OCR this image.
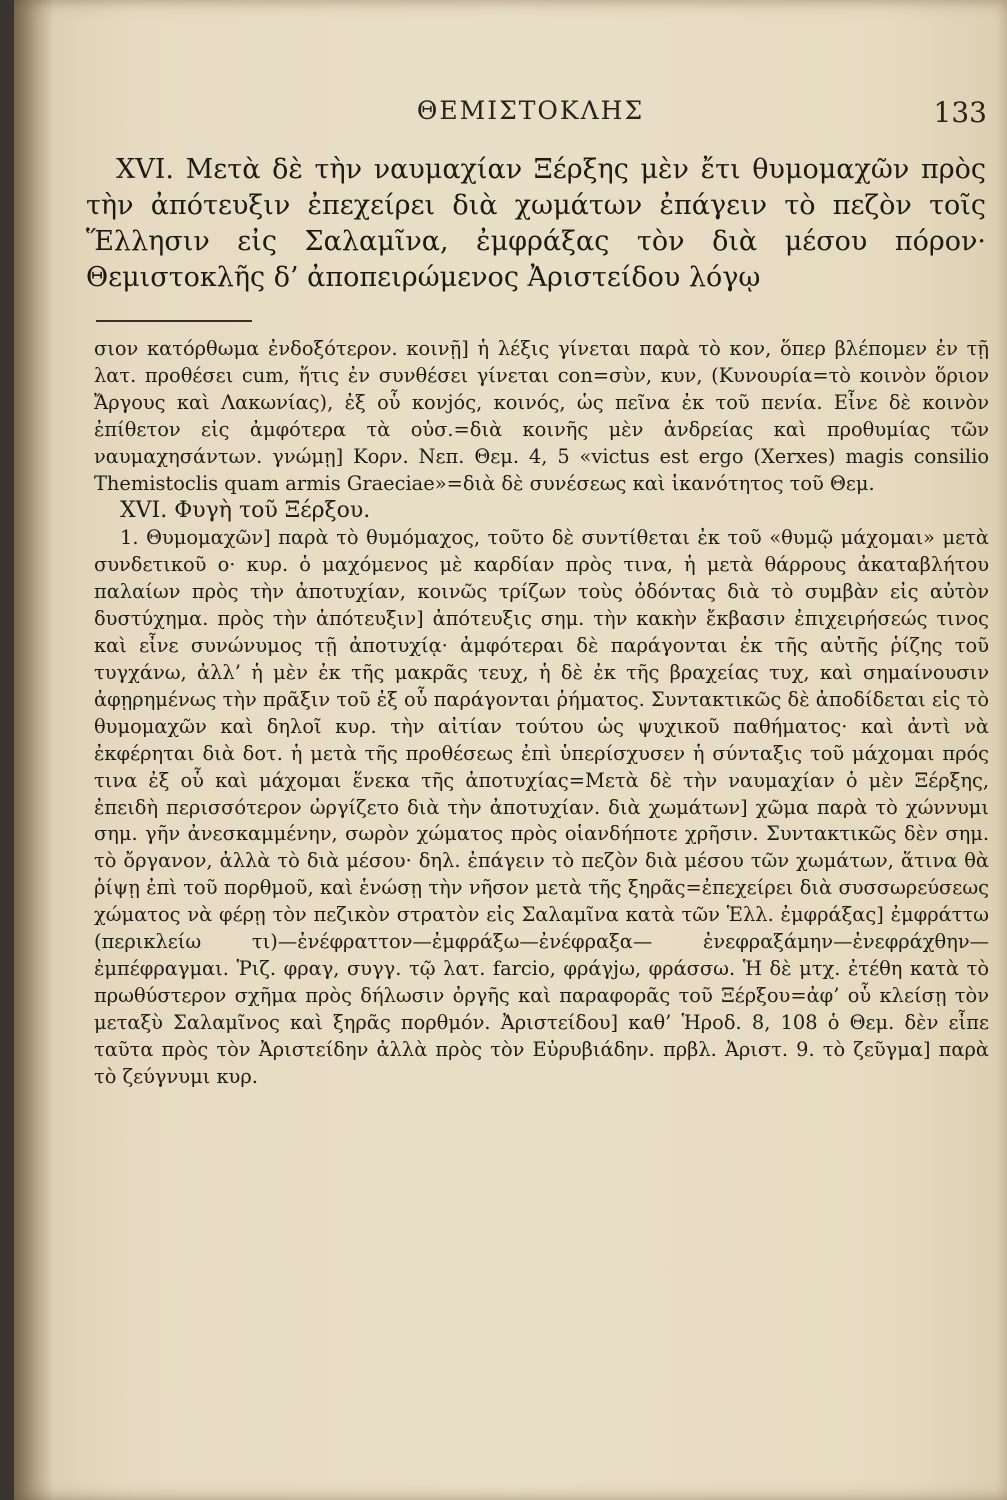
ΘΕΜΙΣΤΟΚΛΗΣ	133

XVI. Μετὰ δὲ τὴν ναυμαχίαν Ξέρξης μὲν ἔτι θυμομαχῶν πρὸς τὴν ἀπότευξιν ἐπεχείρει διὰ χωμάτων ἐπάγειν τὸ πεζὸν τοῖς Ἕλλησιν εἰς Σαλαμῖνα, ἐμφράξας τὸν διὰ μέσου πόρον· Θεμιστοκλῆς δ’ ἀποπειρώμενος Ἀριστείδου λόγῳ

σιον κατόρθωμα ἐνδοξότερον. κοινῇ] ἡ λέξις γίνεται παρὰ τὸ κον, ὅπερ βλέπομεν ἐν τῇ λατ. προθέσει cum, ἥτις ἐν συνθέσει γίνεται con=σὺν, κυν, (Κυνουρία=τὸ κοινὸν ὅριον Ἄργους καὶ Λακωνίας), ἐξ οὗ κονjός, κοινός, ὡς πεῖνα ἐκ τοῦ πενία. Εἶνε δὲ κοινὸν ἐπίθετον εἰς ἀμφότερα τὰ οὐσ.=διὰ κοινῆς μὲν ἀνδρείας καὶ προθυμίας τῶν ναυμαχησάντων. γνώμῃ] Κορν. Νεπ. Θεμ. 4, 5 «victus est ergo (Xerxes) magis consilio Themistoclis quam armis Graeciae»=διὰ δὲ συνέσεως καὶ ἱκανότητος τοῦ Θεμ.

XVI. Φυγὴ τοῦ Ξέρξου.

1. Θυμομαχῶν] παρὰ τὸ θυμόμαχος, τοῦτο δὲ συντίθεται ἐκ τοῦ «θυμῷ μάχομαι» μετὰ συνδετικοῦ ο· κυρ. ὁ μαχόμενος μὲ καρδίαν πρὸς τινα, ἡ μετὰ θάρρους ἀκαταβλήτου παλαίων πρὸς τὴν ἀποτυχίαν, κοινῶς τρίζων τοὺς ὀδόντας διὰ τὸ συμβὰν εἰς αὐτὸν δυστύχημα. πρὸς τὴν ἀπότευξιν] ἀπότευξις σημ. τὴν κακὴν ἔκβασιν ἐπιχειρήσεώς τινος καὶ εἶνε συνώνυμος τῇ ἀποτυχίᾳ· ἀμφότεραι δὲ παράγονται ἐκ τῆς αὐτῆς ῥίζης τοῦ τυγχάνω, ἀλλ’ ἡ μὲν ἐκ τῆς μακρᾶς τευχ, ἡ δὲ ἐκ τῆς βραχείας τυχ, καὶ σημαίνουσιν ἀφῃρημένως τὴν πρᾶξιν τοῦ ἐξ οὗ παράγονται ῥήματος. Συντακτικῶς δὲ ἀποδίδεται εἰς τὸ θυμομαχῶν καὶ δηλοῖ κυρ. τὴν αἰτίαν τούτου ὡς ψυχικοῦ παθήματος· καὶ ἀντὶ νὰ ἐκφέρηται διὰ δοτ. ἡ μετὰ τῆς προθέσεως ἐπὶ ὑπερίσχυσεν ἡ σύνταξις τοῦ μάχομαι πρός τινα ἐξ οὗ καὶ μάχομαι ἕνεκα τῆς ἀποτυχίας=Μετὰ δὲ τὴν ναυμαχίαν ὁ μὲν Ξέρξης, ἐπειδὴ περισσότερον ὠργίζετο διὰ τὴν ἀποτυχίαν. διὰ χωμάτων] χῶμα παρὰ τὸ χώννυμι σημ. γῆν ἀνεσκαμμένην, σωρὸν χώματος πρὸς οἱανδήποτε χρῆσιν. Συντακτικῶς δὲν σημ. τὸ ὄργανον, ἀλλὰ τὸ διὰ μέσου· δηλ. ἐπάγειν τὸ πεζὸν διὰ μέσου τῶν χωμάτων, ἅτινα θὰ ῥίψῃ ἐπὶ τοῦ πορθμοῦ, καὶ ἑνώσῃ τὴν νῆσον μετὰ τῆς ξηρᾶς=ἐπεχείρει διὰ συσσωρεύσεως χώματος νὰ φέρῃ τὸν πεζικὸν στρατὸν εἰς Σαλαμῖνα κατὰ τῶν Ἑλλ. ἐμφράξας] ἐμφράττω (περικλείω τι)—ἐνέφραττον—ἐμφράξω—ἐνέφραξα— ἐνεφραξάμην—ἐνεφράχθην—ἐμπέφραγμαι. Ῥιζ. φραγ, συγγ. τῷ λατ. farcio, φράγjω, φράσσω. Ἡ δὲ μτχ. ἐτέθη κατὰ τὸ πρωθύστερον σχῆμα πρὸς δήλωσιν ὀργῆς καὶ παραφορᾶς τοῦ Ξέρξου=ἀφ’ οὗ κλείσῃ τὸν μεταξὺ Σαλαμῖνος καὶ ξηρᾶς πορθμόν. Ἀριστείδου] καθ’ Ἡροδ. 8, 108 ὁ Θεμ. δὲν εἶπε ταῦτα πρὸς τὸν Ἀριστείδην ἀλλὰ πρὸς τὸν Εὐρυβιάδην. πρβλ. Ἀριστ. 9. τὸ ζεῦγμα] παρὰ τὸ ζεύγνυμι κυρ.
